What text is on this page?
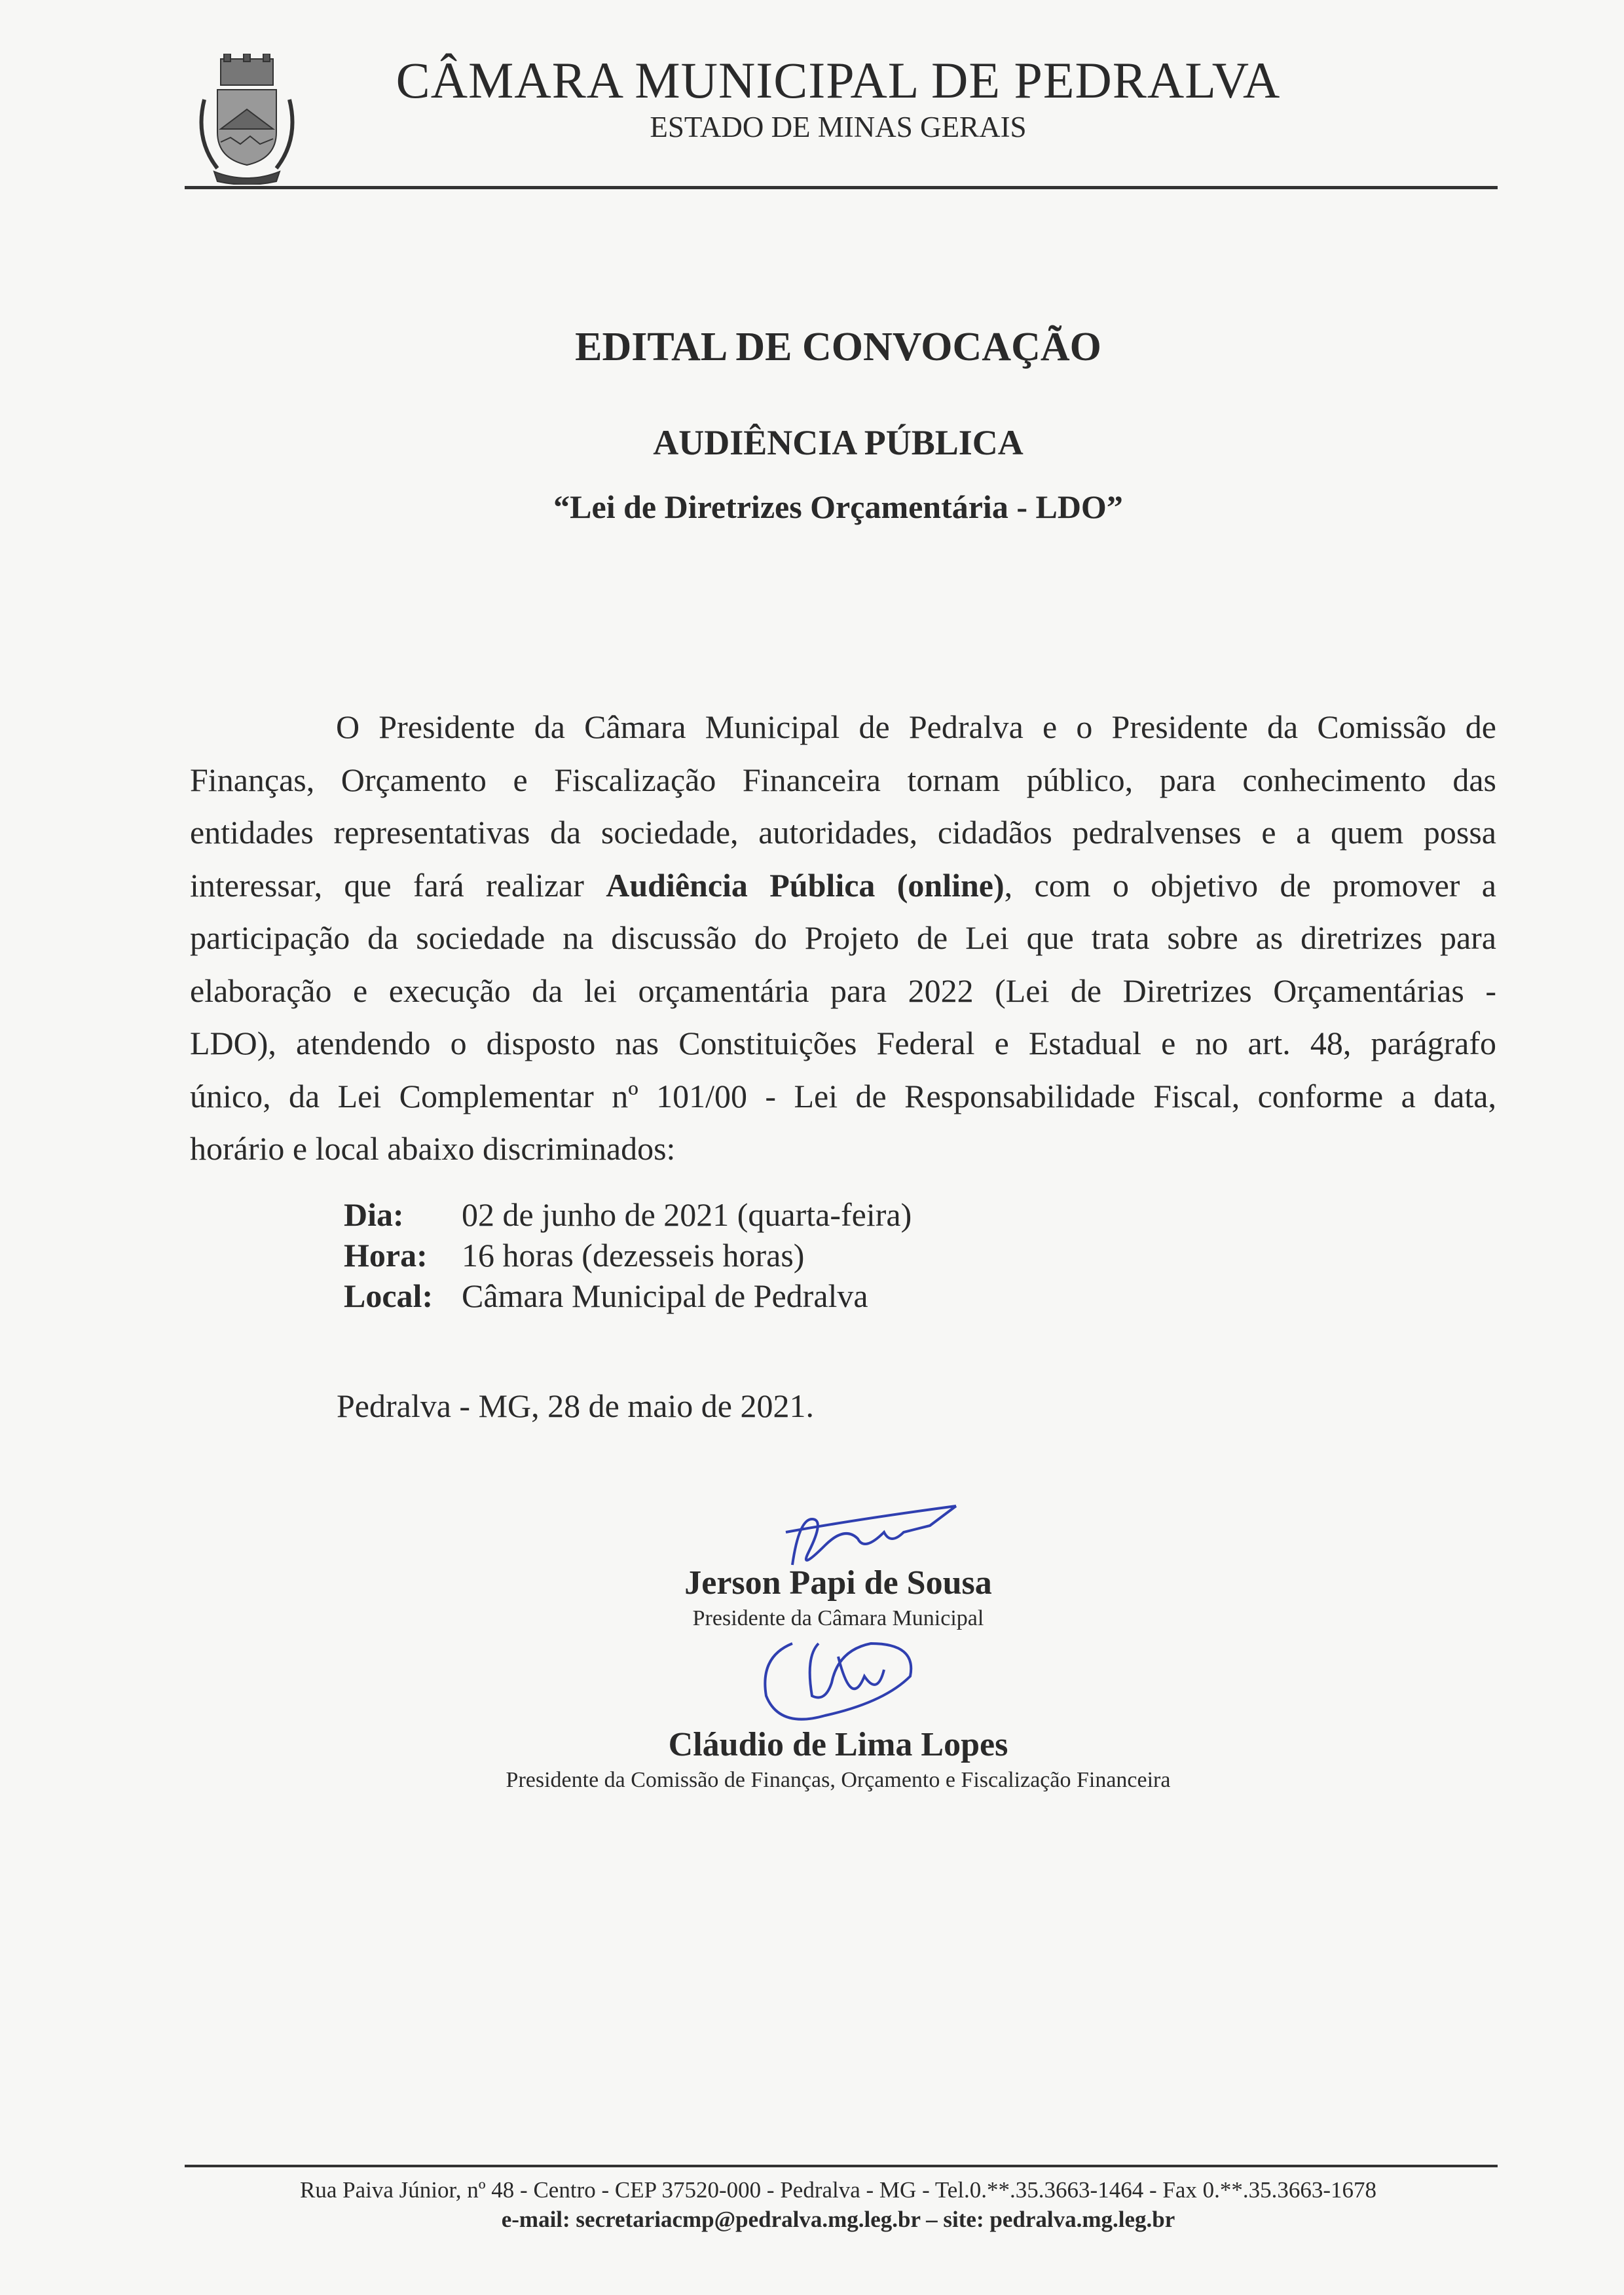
CÂMARA MUNICIPAL DE PEDRALVA
ESTADO DE MINAS GERAIS
EDITAL DE CONVOCAÇÃO
AUDIÊNCIA PÚBLICA
“Lei de Diretrizes Orçamentária - LDO”
O Presidente da Câmara Municipal de Pedralva e o Presidente da Comissão de
Finanças, Orçamento e Fiscalização Financeira tornam público, para conhecimento das
entidades representativas da sociedade, autoridades, cidadãos pedralvenses e a quem possa
interessar, que fará realizar Audiência Pública (online), com o objetivo de promover a
participação da sociedade na discussão do Projeto de Lei que trata sobre as diretrizes para
elaboração e execução da lei orçamentária para 2022 (Lei de Diretrizes Orçamentárias -
LDO), atendendo o disposto nas Constituições Federal e Estadual e no art. 48, parágrafo
único, da Lei Complementar nº 101/00 - Lei de Responsabilidade Fiscal, conforme a data,
horário e local abaixo discriminados:
Dia: 02 de junho de 2021 (quarta-feira)
Hora: 16 horas (dezesseis horas)
Local: Câmara Municipal de Pedralva
Pedralva - MG, 28 de maio de 2021.
Jerson Papi de Sousa
Presidente da Câmara Municipal
Cláudio de Lima Lopes
Presidente da Comissão de Finanças, Orçamento e Fiscalização Financeira
Rua Paiva Júnior, nº 48 - Centro - CEP 37520-000 - Pedralva - MG - Tel.0.**.35.3663-1464 - Fax 0.**.35.3663-1678
e-mail: secretariacmp@pedralva.mg.leg.br – site: pedralva.mg.leg.br
